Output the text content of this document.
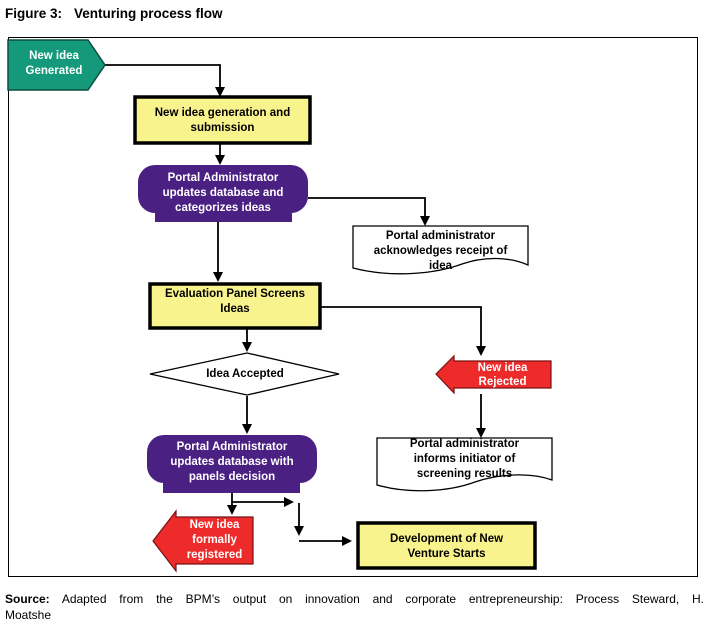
Figure 3: Venturing process flow
New idea
Generated
New idea generation and
submission
Portal Administrator
updates database and
categorizes ideas
Portal administrator
acknowledges receipt of
idea
Evaluation Panel Screens
Ideas
Idea Accepted	New idea
Rejected
Portal administrator
informs initiator of
screening results
Portal Administrator
updates database with
panels decision
New idea
formally
registered
Development of New
Venture Starts
Source: Adapted from the BPM’s output on innovation and corporate entrepreneurship: Process Steward, H.
Moatshe
